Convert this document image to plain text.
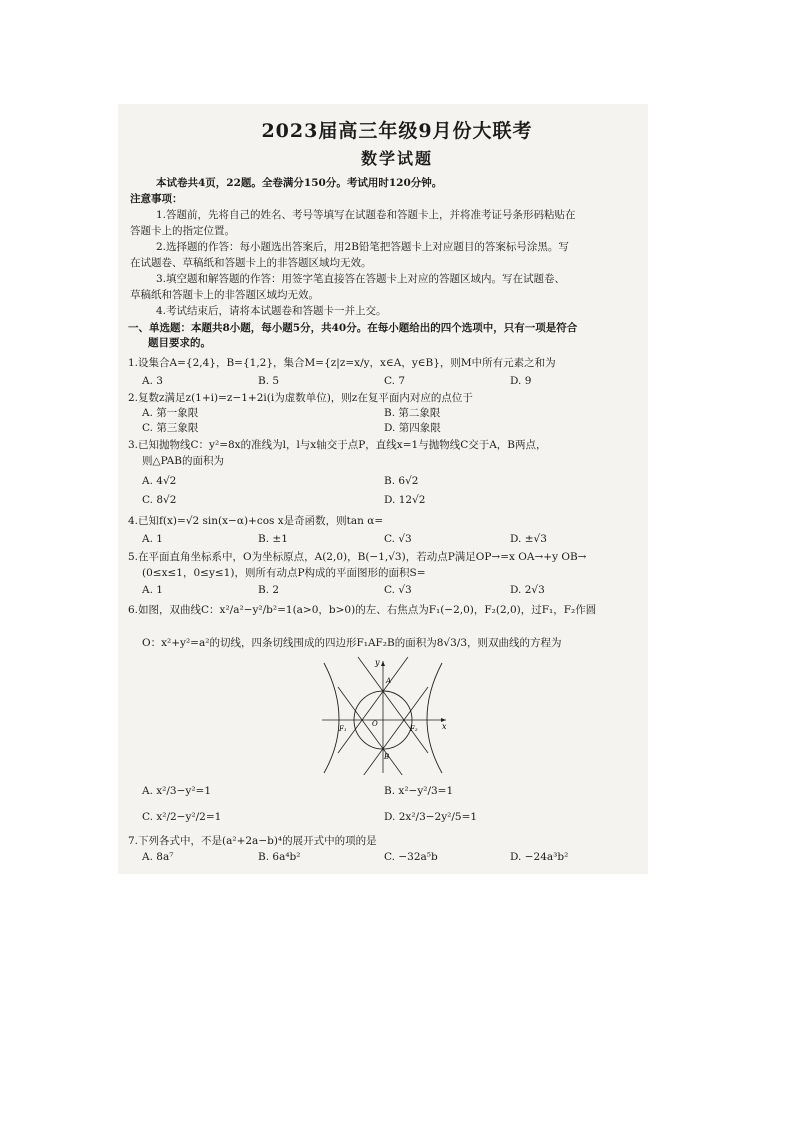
2023届高三年级9月份大联考
数学试题
本试卷共4页，22题。全卷满分150分。考试用时120分钟。
注意事项：
1.答题前，先将自己的姓名、考号等填写在试题卷和答题卡上，并将准考证号条形码粘贴在
答题卡上的指定位置。
2.选择题的作答：每小题选出答案后，用2B铅笔把答题卡上对应题目的答案标号涂黑。写
在试题卷、草稿纸和答题卡上的非答题区域均无效。
3.填空题和解答题的作答：用签字笔直接答在答题卡上对应的答题区域内。写在试题卷、
草稿纸和答题卡上的非答题区域均无效。
4.考试结束后，请将本试题卷和答题卡一并上交。
一、单选题：本题共8小题，每小题5分，共40分。在每小题给出的四个选项中，只有一项是符合
题目要求的。
1.设集合A={2,4}，B={1,2}，集合M={z|z=x/y，x∈A，y∈B}，则M中所有元素之和为
A. 3	B. 5	C. 7	D. 9
2.复数z满足z(1+i)=z−1+2i(i为虚数单位)，则z在复平面内对应的点位于
A. 第一象限	B. 第二象限
C. 第三象限	D. 第四象限
3.已知抛物线C：y²=8x的准线为l，l与x轴交于点P，直线x=1与抛物线C交于A，B两点，
则△PAB的面积为
A. 4√2	B. 6√2
C. 8√2	D. 12√2
4.已知f(x)=√2 sin(x−α)+cos x是奇函数，则tan α=
A. 1	B. ±1	C. √3	D. ±√3
5.在平面直角坐标系中，O为坐标原点，A(2,0)，B(−1,√3)，若动点P满足OP→=x OA→+y OB→
(0≤x≤1，0≤y≤1)，则所有动点P构成的平面图形的面积S=
A. 1	B. 2	C. √3	D. 2√3
6.如图，双曲线C：x²/a²−y²/b²=1(a>0，b>0)的左、右焦点为F₁(−2,0)，F₂(2,0)，过F₁，F₂作圆
O：x²+y²=a²的切线，四条切线围成的四边形F₁AF₂B的面积为8√3/3，则双曲线的方程为
y
x
A
B
O
F₁	F₂
A. x²/3−y²=1	B. x²−y²/3=1
C. x²/2−y²/2=1	D. 2x²/3−2y²/5=1
7.下列各式中，不是(a²+2a−b)⁴的展开式中的项的是
A. 8a⁷	B. 6a⁴b²	C. −32a⁵b	D. −24a³b²
